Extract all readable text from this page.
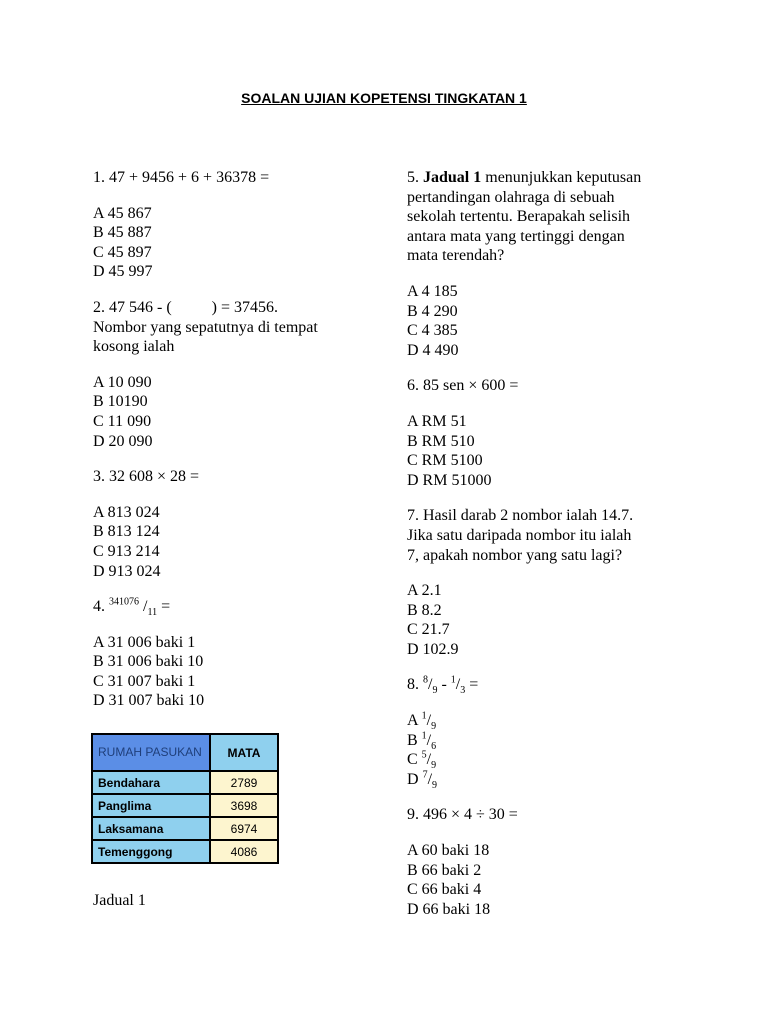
SOALAN UJIAN KOPETENSI TINGKATAN 1

1. 47 + 9456 + 6 + 36378 =

A 45 867

B 45 887

C 45 897

D 45 997

2. 47 546 - (          ) = 37456.

Nombor yang sepatutnya di tempat

kosong ialah

A 10 090

B 10190

C 11 090

D 20 090

3. 32 608 × 28 =

A 813 024

B 813 124

C 913 214

D 913 024

4. $^{341076}$ $/_{11}$ =

A 31 006 baki 1

B 31 006 baki 10

C 31 007 baki 1

D 31 007 baki 10

RUMAH PASUKAN	MATA
Bendahara	2789
Panglima	3698
Laksamana	6974
Temenggong	4086
Jadual 1

5. Jadual 1 menunjukkan keputusan

pertandingan olahraga di sebuah

sekolah tertentu. Berapakah selisih

antara mata yang tertinggi dengan

mata terendah?

A 4 185

B 4 290

C 4 385

D 4 490

6. 85 sen × 600 =

A RM 51

B RM 510

C RM 5100

D RM 51000

7. Hasil darab 2 nombor ialah 14.7.

Jika satu daripada nombor itu ialah

7, apakah nombor yang satu lagi?

A 2.1

B 8.2

C 21.7

D 102.9

8. $^8/_9 - ^1/_3$ =

A $^1/_9$

B $^1/_6$

C $^5/_9$

D $^7/_9$

9. 496 × 4 ÷ 30 =

A 60 baki 18

B 66 baki 2

C 66 baki 4

D 66 baki 18
